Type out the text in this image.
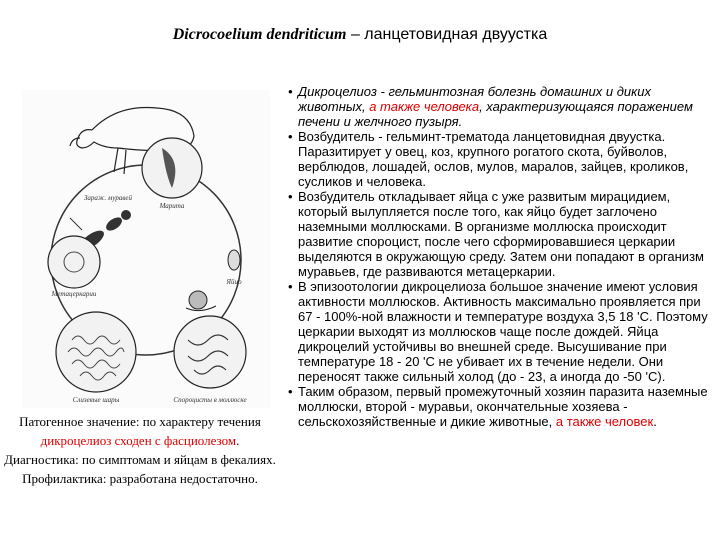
Dicrocoelium dendriticum – ланцетовидная двуустка
Марита
Яйцо
Метацеркарии
Зараж. муравей
Слизевые шары	Спороцисты в моллюске
Патогенное значение: по характеру течения дикроцелиоз сходен с фасциолезом.
Диагностика: по симптомам и яйцам в фекалиях.
Профилактика: разработана недостаточно.
• Дикроцелиоз - гельминтозная болезнь домашних и диких животных, а также человека, характеризующаяся поражением печени и желчного пузыря.
• Возбудитель - гельминт-трематода ланцетовидная двуустка. Паразитирует у овец, коз, крупного рогатого скота, буйволов, верблюдов, лошадей, ослов, мулов, маралов, зайцев, кроликов, сусликов и человека.
• Возбудитель откладывает яйца с уже развитым мирацидием, который вылупляется после того, как яйцо будет заглочено наземными моллюсками. В организме моллюска происходит развитие спороцист, после чего сформировавшиеся церкарии выделяются в окружающую среду. Затем они попадают в организм муравьев, где развиваются метацеркарии.
• В эпизоотологии дикроцелиоза большое значение имеют условия активности моллюсков. Активность максимально проявляется при 67 - 100%-ной влажности и температуре воздуха 3,5 18 'С. Поэтому церкарии выходят из моллюсков чаще после дождей. Яйца дикроцелий устойчивы во внешней среде. Высушивание при температуре 18 - 20 'С не убивает их в течение недели. Они переносят также сильный холод (до - 23, а иногда до -50 'С).
• Таким образом, первый промежуточный хозяин паразита наземные моллюски, второй - муравьи, окончательные хозяева - сельскохозяйственные и дикие животные, а также человек.
